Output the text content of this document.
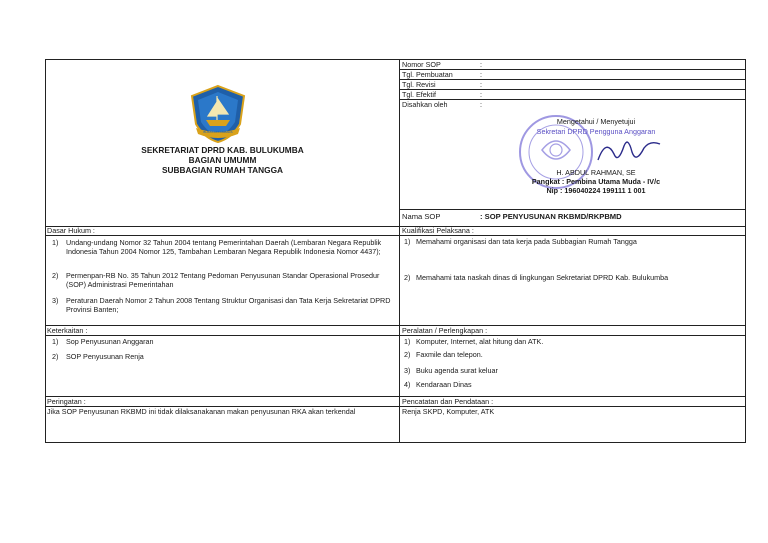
BUKA LAKKAMBARA
SEKRETARIAT DPRD KAB. BULUKUMBA
BAGIAN UMUMM
SUBBAGIAN RUMAH TANGGA
Nomor SOP	:
Tgl. Pembuatan	:
Tgl. Revisi	:
Tgl. Efektif	:
Disahkan oleh	:
Mengetahui / Menyetujui
Sekretari DPRD Pengguna Anggaran
H. ABDUL RAHMAN, SE
Pangkat : Pembina Utama Muda - IV/c
Nip : 196040224 199111 1 001
Nama SOP	: SOP PENYUSUNAN RKBMD/RKPBMD
Dasar Hukum :
1) Undang-undang Nomor 32 Tahun 2004 tentang Pemerintahan Daerah (Lembaran Negara Republik Indonesia Tahun 2004 Nomor 125, Tambahan Lembaran Negara Republik Indonesia Nomor 4437);
2) Permenpan-RB No. 35 Tahun 2012 Tentang Pedoman Penyusunan Standar Operasional Prosedur (SOP) Administrasi Pemerintahan
3) Peraturan Daerah Nomor 2 Tahun 2008 Tentang Struktur Organisasi dan Tata Kerja Sekretariat DPRD Provinsi Banten;
Kualifikasi Pelaksana :
1) Memahami organisasi dan tata kerja pada Subbagian Rumah Tangga
2) Memahami tata naskah dinas di lingkungan Sekretariat DPRD Kab. Bulukumba
Keterkaitan :
1) Sop Penyusunan Anggaran
2) SOP Penyusunan Renja
Peralatan / Perlengkapan :
1) Komputer, Internet, alat hitung dan ATK.
2) Faxmile dan telepon.
3) Buku agenda surat keluar
4) Kendaraan Dinas
Peringatan :
Jika SOP Penyusunan RKBMD ini tidak dilaksanakanan makan penyusunan RKA akan terkendal
Pencatatan dan Pendataan :
Renja SKPD, Komputer, ATK
